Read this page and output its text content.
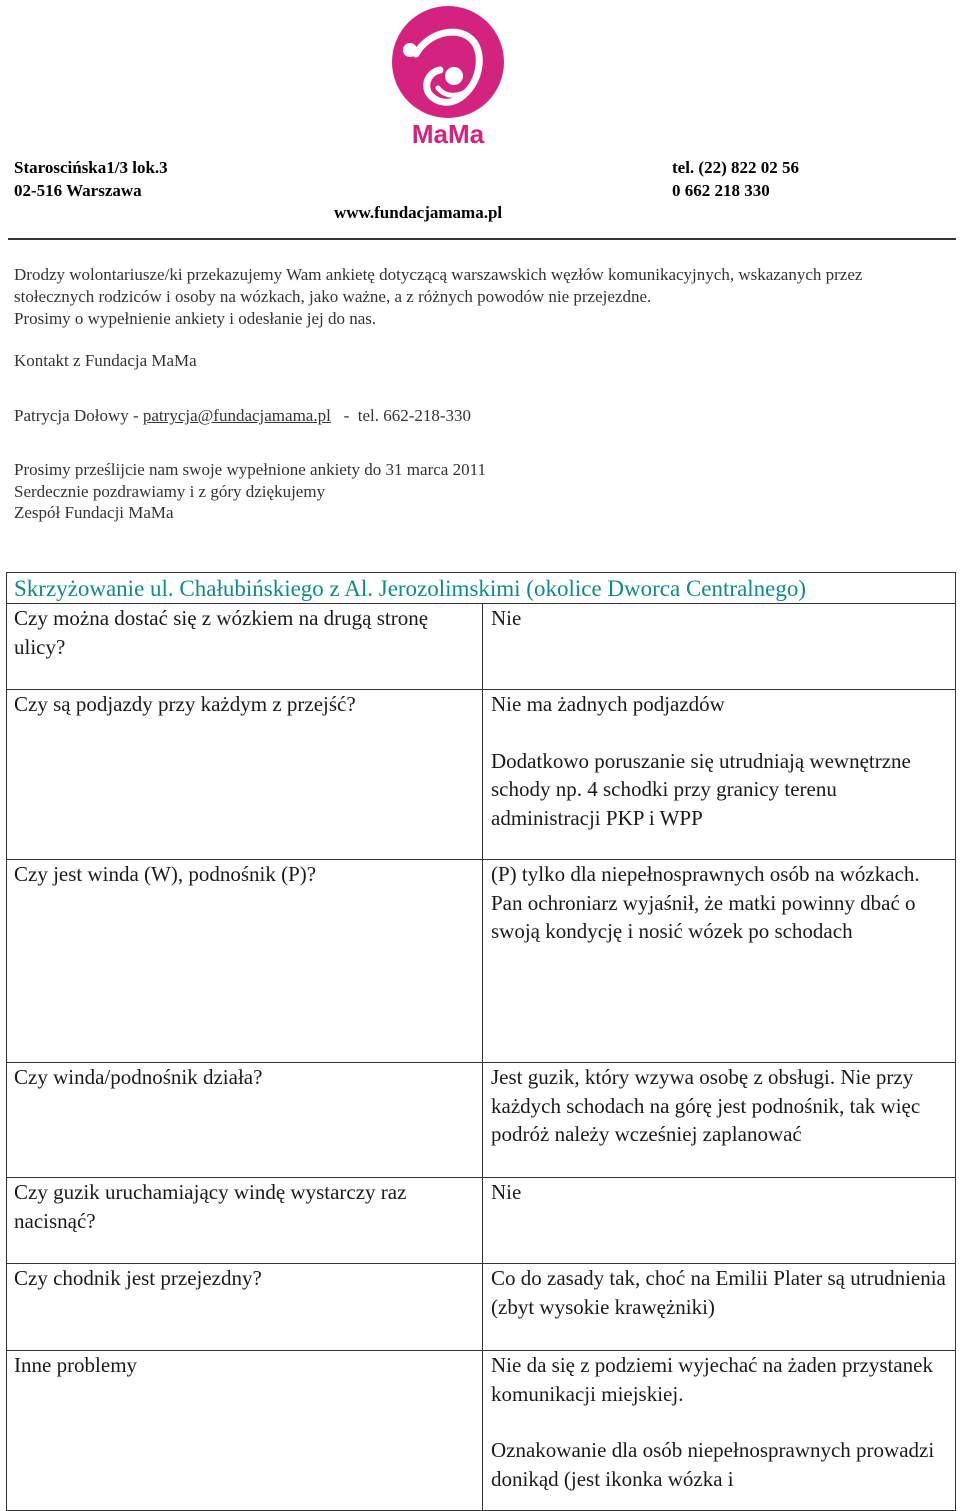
MaMa
Staroscińska1/3 lok.3
02-516 Warszawa
tel. (22) 822 02 56
0 662 218 330
www.fundacjamama.pl
Drodzy wolontariusze/ki przekazujemy Wam ankietę dotyczącą warszawskich węzłów komunikacyjnych, wskazanych przez
stołecznych rodziców i osoby na wózkach, jako ważne, a z różnych powodów nie przejezdne.
Prosimy o wypełnienie ankiety i odesłanie jej do nas.
Kontakt z Fundacja MaMa
Patrycja Dołowy - patrycja@fundacjamama.pl   -  tel. 662-218-330
Prosimy prześlijcie nam swoje wypełnione ankiety do 31 marca 2011
Serdecznie pozdrawiamy i z góry dziękujemy
Zespół Fundacji MaMa
Skrzyżowanie ul. Chałubińskiego z Al. Jerozolimskimi (okolice Dworca Centralnego)	
Czy można dostać się z wózkiem na drugą stronę ulicy?	Nie

Czy są podjazdy przy każdym z przejść?	Nie ma żadnych podjazdów
Dodatkowo poruszanie się utrudniają wewnętrzne schody np. 4 schodki przy granicy terenu administracji PKP i WPP

Czy jest winda (W), podnośnik (P)?	(P) tylko dla niepełnosprawnych osób na wózkach.
Pan ochroniarz wyjaśnił, że matki powinny dbać o swoją kondycję i nosić wózek po schodach

Czy winda/podnośnik działa?	Jest guzik, który wzywa osobę z obsługi. Nie przy każdych schodach na górę jest podnośnik, tak więc podróż należy wcześniej zaplanować

Czy guzik uruchamiający windę wystarczy raz nacisnąć?	Nie

Czy chodnik jest przejezdny?	Co do zasady tak, choć na Emilii Plater są utrudnienia (zbyt wysokie krawężniki)

Inne problemy	Nie da się z podziemi wyjechać na żaden przystanek komunikacji miejskiej.
Oznakowanie dla osób niepełnosprawnych prowadzi donikąd (jest ikonka wózka i
